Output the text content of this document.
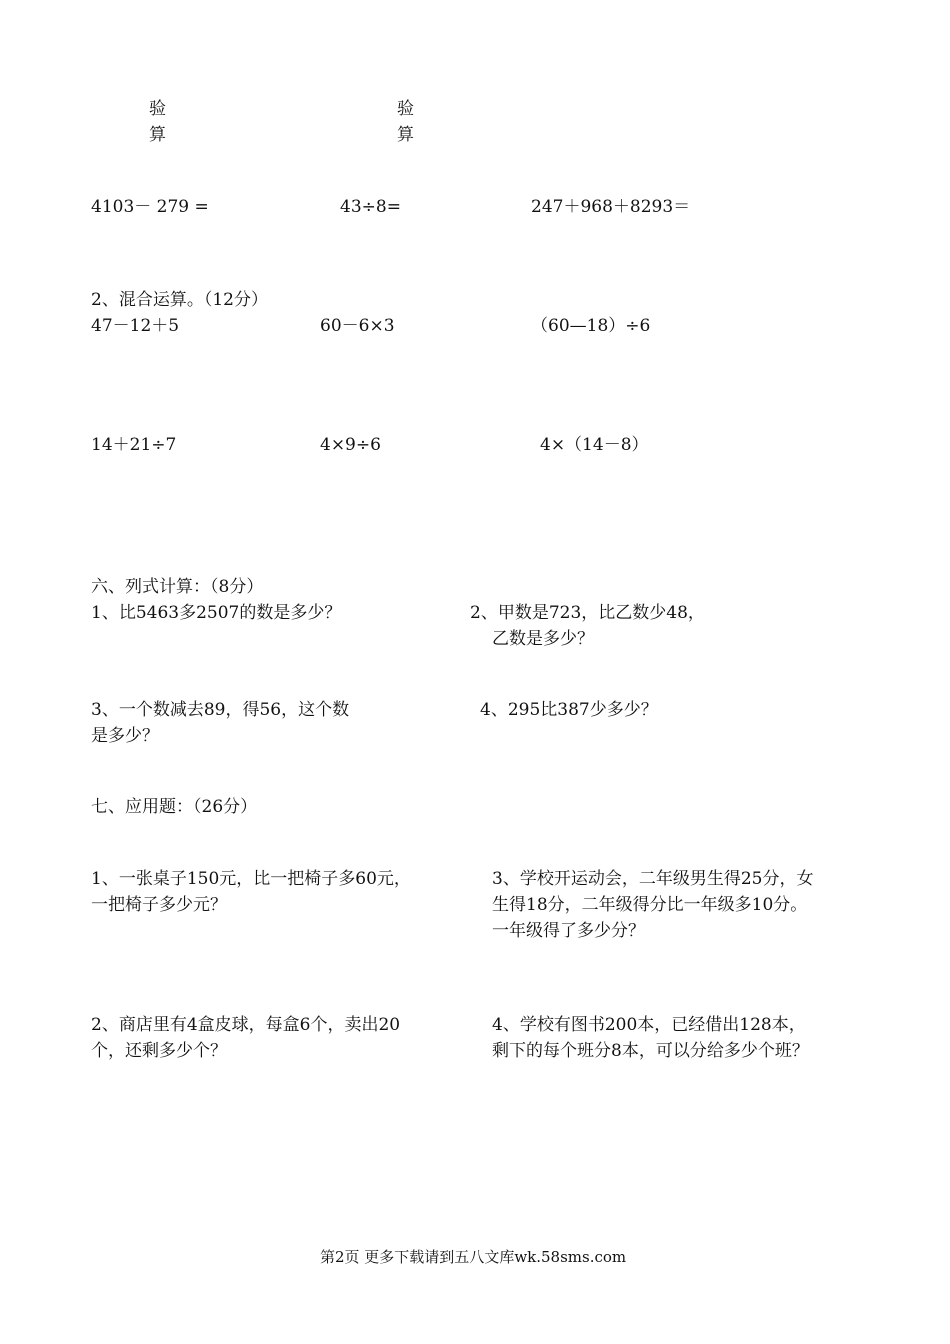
验
算
验
算
4103－ 279 =	43÷8=	247＋968＋8293＝
2、混合运算。（12分）
47－12＋5	60－6×3	（60—18）÷6
14＋21÷7	4×9÷6	4×（14－8）
六、列式计算：（8分）
1、比5463多2507的数是多少？	2、甲数是723，比乙数少48，
乙数是多少？
3、一个数减去89，得56，这个数
是多少？
4、295比387少多少？
七、应用题：（26分）
1、一张桌子150元，比一把椅子多60元，
一把椅子多少元？
3、学校开运动会，二年级男生得25分，女
生得18分，二年级得分比一年级多10分。
一年级得了多少分？
2、商店里有4盒皮球，每盒6个，卖出20
个，还剩多少个？
4、学校有图书200本，已经借出128本，
剩下的每个班分8本，可以分给多少个班？
第2页 更多下载请到五八文库wk.58sms.com
